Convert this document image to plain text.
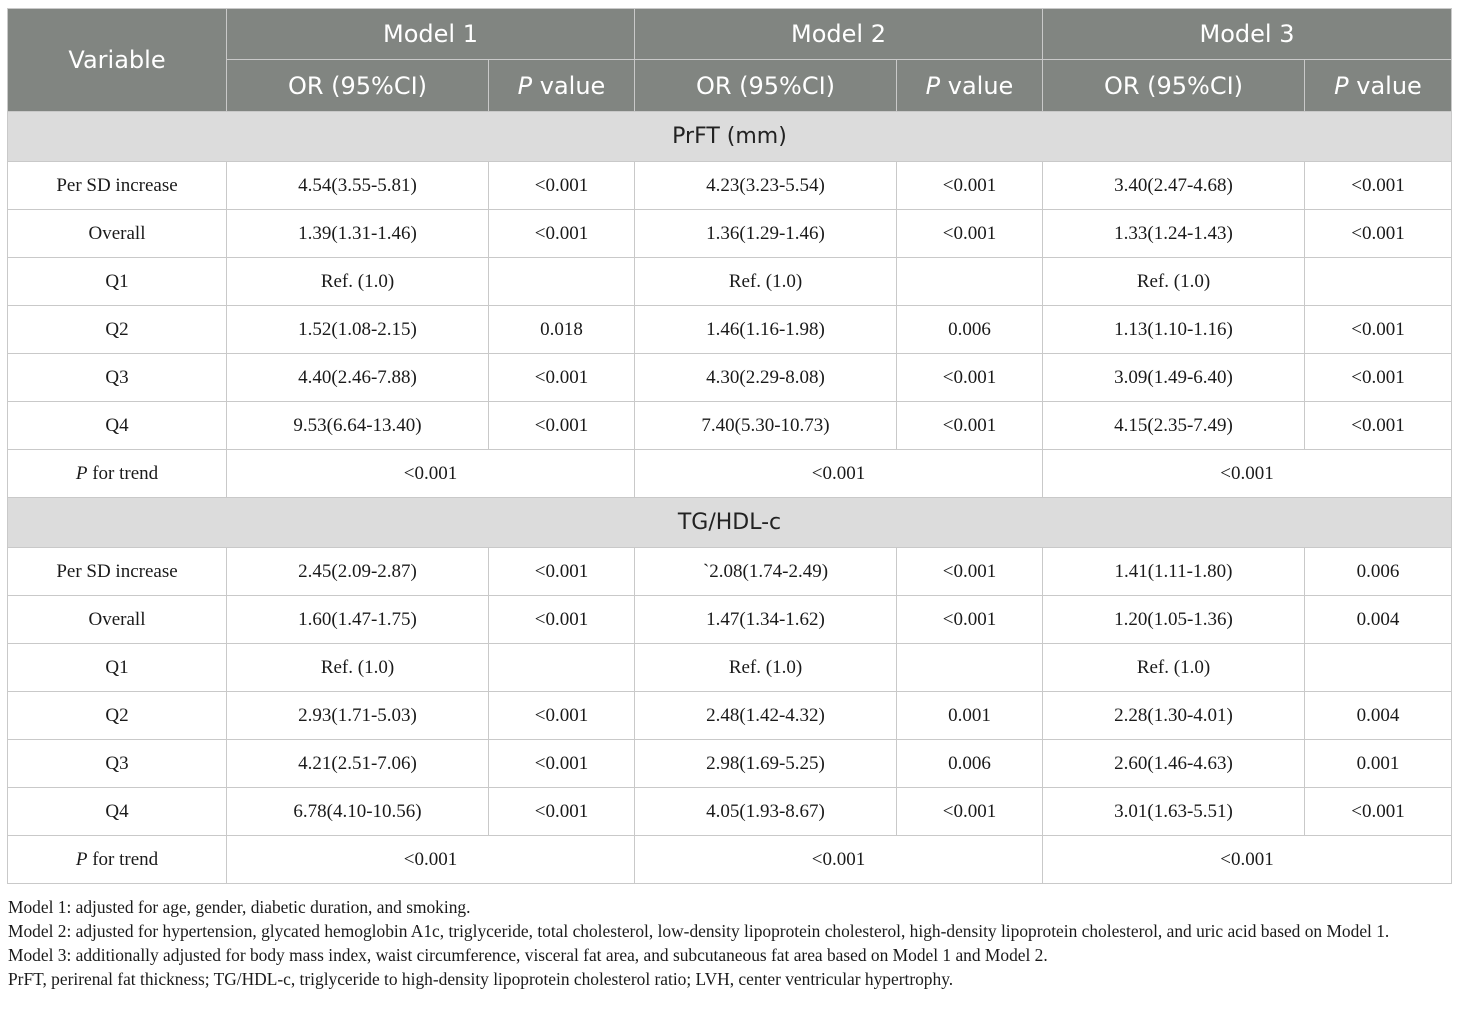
Variable	Model 1		Model 2		Model 3	
	OR (95%CI)	P value	OR (95%CI)	P value	OR (95%CI)	P value
PrFT (mm)						
Per SD increase	4.54(3.55-5.81)	<0.001	4.23(3.23-5.54)	<0.001	3.40(2.47-4.68)	<0.001
Overall	1.39(1.31-1.46)	<0.001	1.36(1.29-1.46)	<0.001	1.33(1.24-1.43)	<0.001
Q1	Ref. (1.0)		Ref. (1.0)		Ref. (1.0)	
Q2	1.52(1.08-2.15)	0.018	1.46(1.16-1.98)	0.006	1.13(1.10-1.16)	<0.001
Q3	4.40(2.46-7.88)	<0.001	4.30(2.29-8.08)	<0.001	3.09(1.49-6.40)	<0.001
Q4	9.53(6.64-13.40)	<0.001	7.40(5.30-10.73)	<0.001	4.15(2.35-7.49)	<0.001
P for trend	<0.001		<0.001		<0.001	
TG/HDL-c						
Per SD increase	2.45(2.09-2.87)	<0.001	`2.08(1.74-2.49)	<0.001	1.41(1.11-1.80)	0.006
Overall	1.60(1.47-1.75)	<0.001	1.47(1.34-1.62)	<0.001	1.20(1.05-1.36)	0.004
Q1	Ref. (1.0)		Ref. (1.0)		Ref. (1.0)	
Q2	2.93(1.71-5.03)	<0.001	2.48(1.42-4.32)	0.001	2.28(1.30-4.01)	0.004
Q3	4.21(2.51-7.06)	<0.001	2.98(1.69-5.25)	0.006	2.60(1.46-4.63)	0.001
Q4	6.78(4.10-10.56)	<0.001	4.05(1.93-8.67)	<0.001	3.01(1.63-5.51)	<0.001
P for trend	<0.001		<0.001		<0.001	

Model 1: adjusted for age, gender, diabetic duration, and smoking.

Model 2: adjusted for hypertension, glycated hemoglobin A1c, triglyceride, total cholesterol, low-density lipoprotein cholesterol, high-density lipoprotein cholesterol, and uric acid based on Model 1.

Model 3: additionally adjusted for body mass index, waist circumference, visceral fat area, and subcutaneous fat area based on Model 1 and Model 2.

PrFT, perirenal fat thickness; TG/HDL-c, triglyceride to high-density lipoprotein cholesterol ratio; LVH, center ventricular hypertrophy.
